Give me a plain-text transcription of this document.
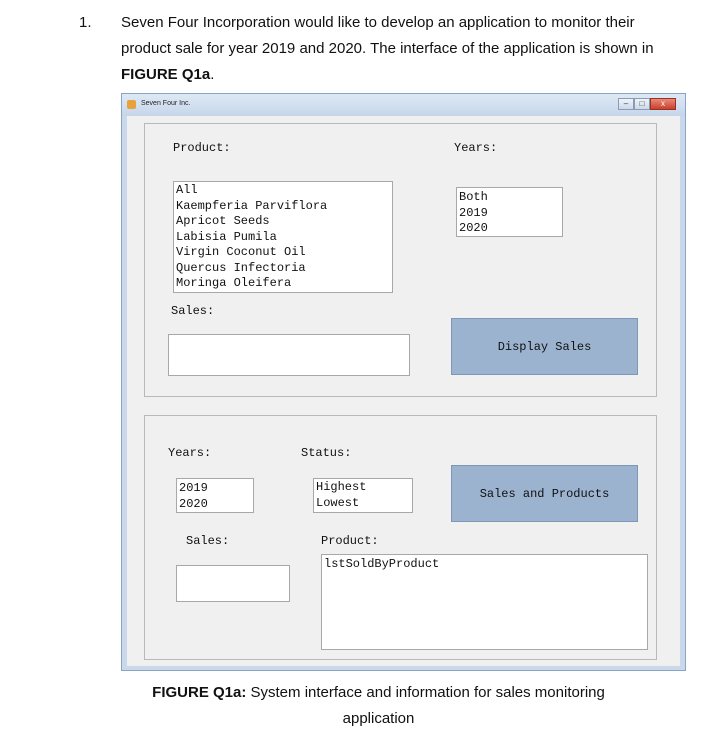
1. Seven Four Incorporation would like to develop an application to monitor their product sale for year 2019 and 2020. The interface of the application is shown in FIGURE Q1a.
Seven Four Inc.	–	□	x
Product:
All
Kaempferia Parviflora
Apricot Seeds
Labisia Pumila
Virgin Coconut Oil
Quercus Infectoria
Moringa Oleifera
Years:
Both
2019
2020
Sales:
Display Sales
Years:
2019
2020
Status:
Highest
Lowest
Sales and Products
Sales:	Product:
lstSoldByProduct
FIGURE Q1a: System interface and information for sales monitoring application
